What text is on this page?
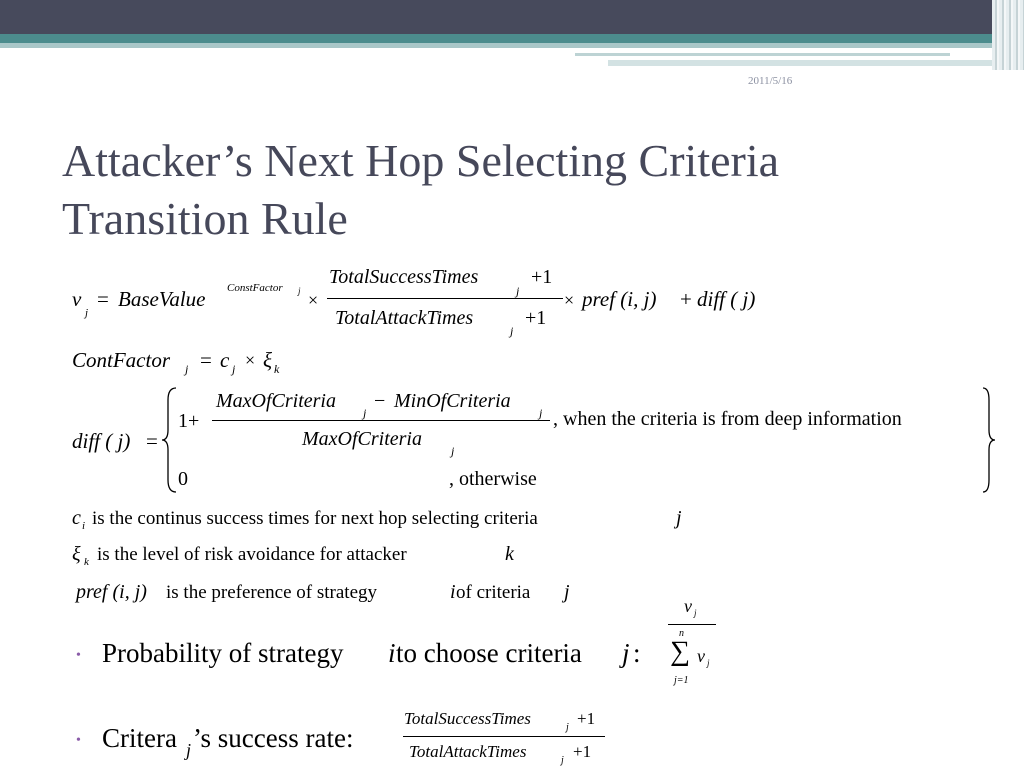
2011/5/16
Attacker’s Next Hop Selecting Criteria
Transition Rule
v
j
= BaseValue ConstFactor j ×
TotalSuccessTimes
j
+1
TotalAttackTimes
j
+1
× pref (i, j) + diff ( j)
ContFactor j = c j × ξ k
diff ( j) =
1+
MaxOfCriteria
j
− MinOfCriteria
j
MaxOfCriteria
j
, when the criteria is from deep information
0	, otherwise
c i is the continus success times for next hop selecting criteria	j
ξ k is the level of risk avoidance for attacker	k
pref (i, j) is the preference of strategy	i of criteria j
• Probability of strategy i to choose criteria j :
v j
n
∑
j=1
v j
• Critera j ’s success rate:
TotalSuccessTimes	j +1
TotalAttackTimes	j +1
